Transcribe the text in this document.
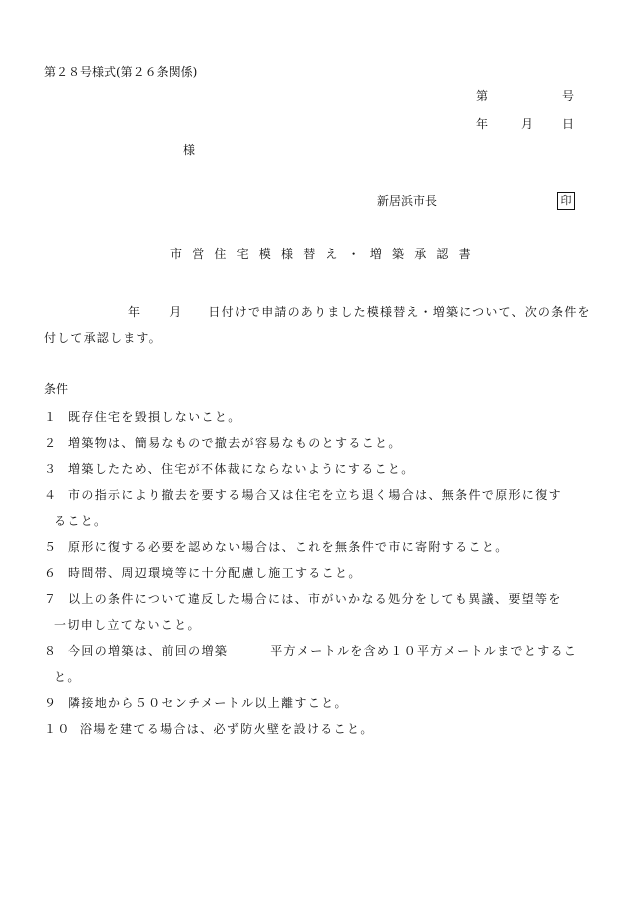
第２８号様式(第２６条関係)
第	号
年	月 日
様
新居浜市長	印
市営住宅模様替え・増築承認書
年 月 日付けで申請のありました模様替え・増築について、次の条件を付して承認します。
条件
１ 既存住宅を毀損しないこと。
２ 増築物は、簡易なもので撤去が容易なものとすること。
３ 増築したため、住宅が不体裁にならないようにすること。
４ 市の指示により撤去を要する場合又は住宅を立ち退く場合は、無条件で原形に復す
ること。
５ 原形に復する必要を認めない場合は、これを無条件で市に寄附すること。
６ 時間帯、周辺環境等に十分配慮し施工すること。
７ 以上の条件について違反した場合には、市がいかなる処分をしても異議、要望等を
一切申し立てないこと。
８ 今回の増築は、前回の増築	平方メートルを含め１０平方メートルまでとするこ
と。
９ 隣接地から５０センチメートル以上離すこと。
１０ 浴場を建てる場合は、必ず防火壁を設けること。
